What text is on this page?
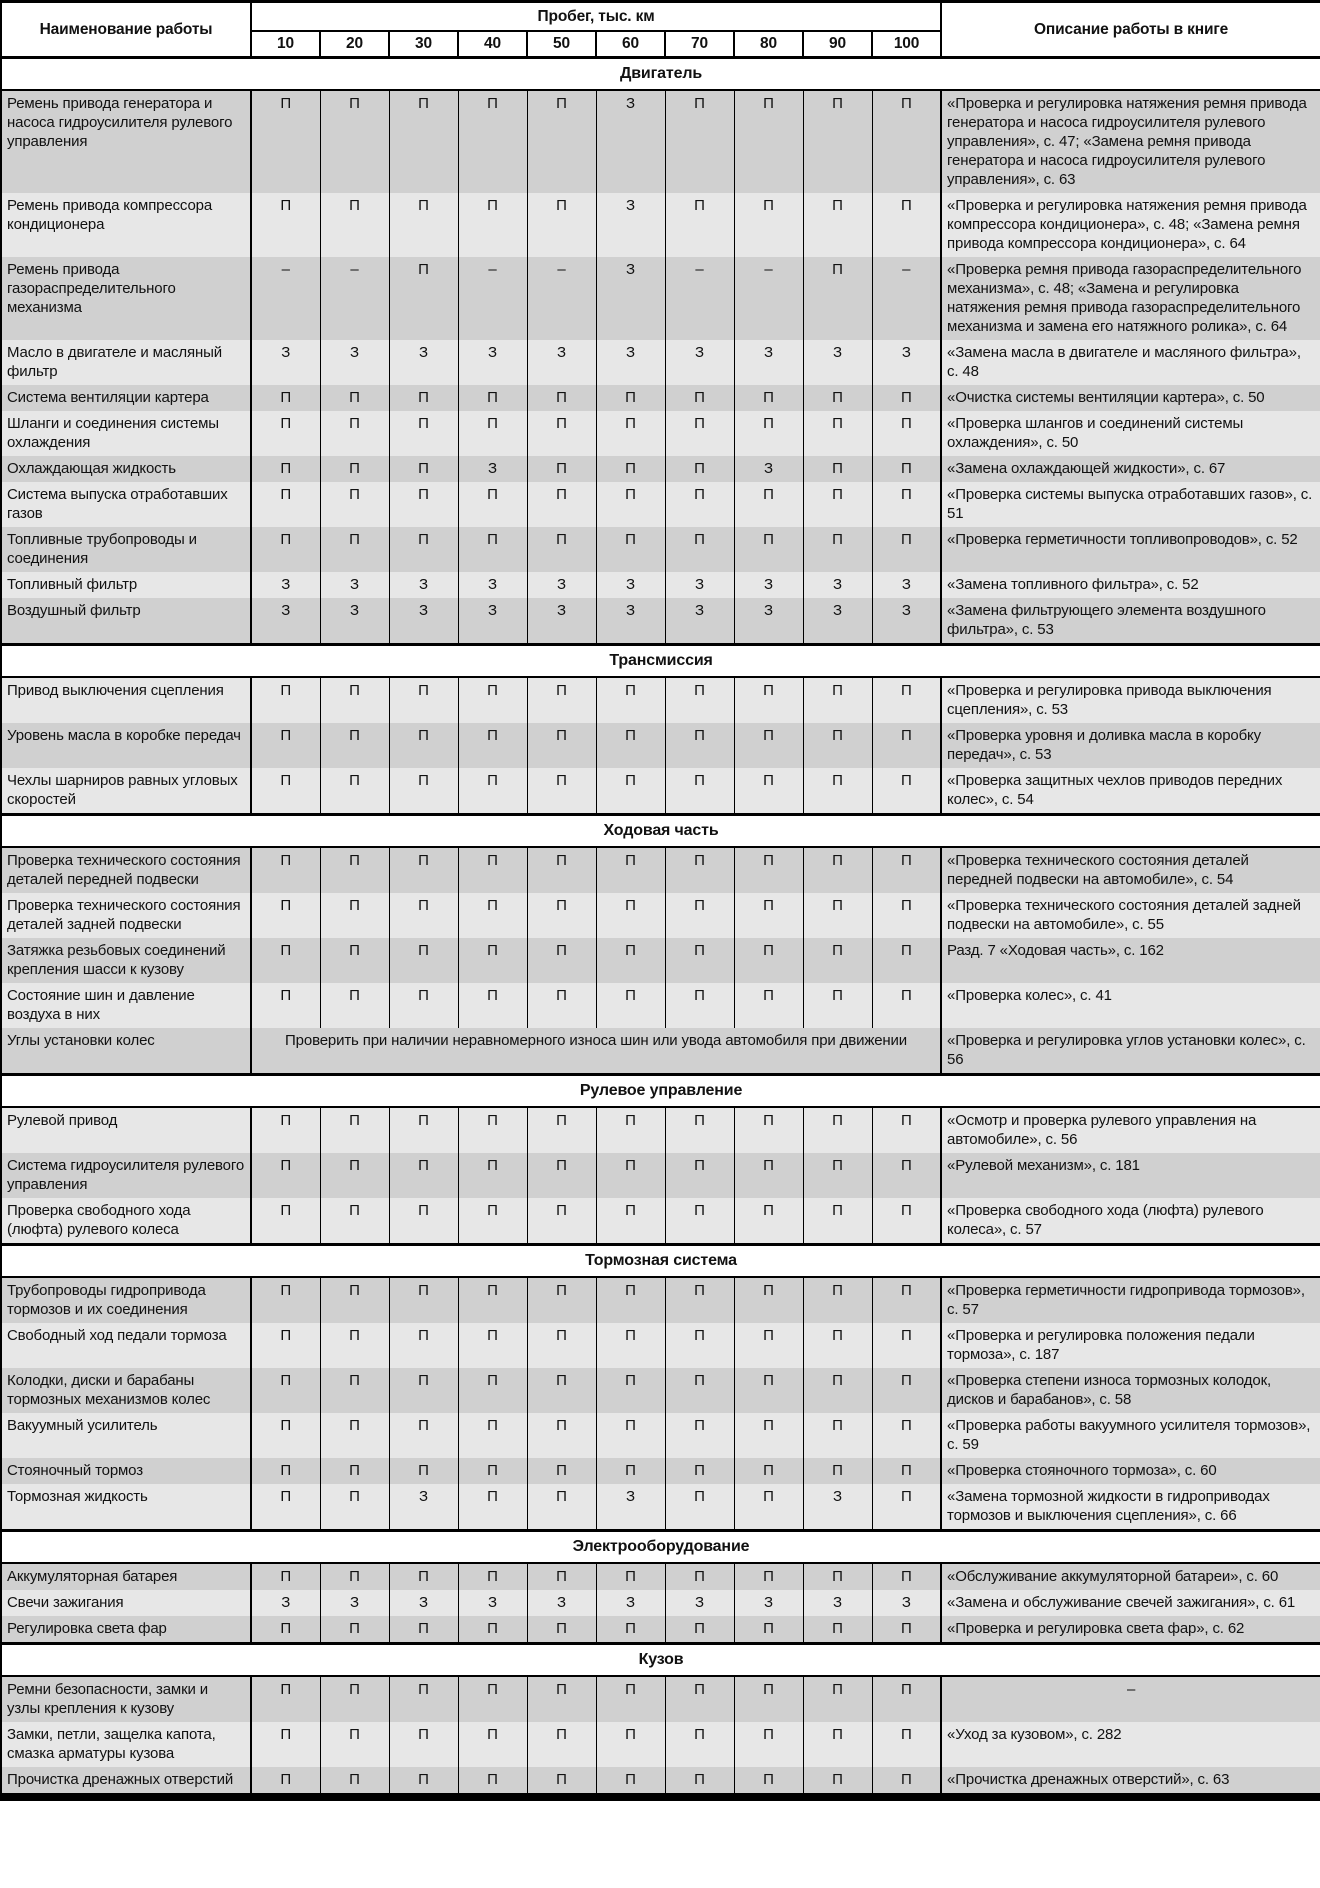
Наименование работы	Пробег, тыс. км										Описание работы в книге
	10	20	30	40	50	60	70	80	90	100	
Двигатель											
Ремень привода генератора и насоса гидроусилителя рулевого управления	П	П	П	П	П	З	П	П	П	П	«Проверка и регулировка натяжения ремня привода генератора и насоса гидроусилителя рулевого управления», с. 47; «Замена ремня привода генератора и насоса гидроусилителя рулевого управления», с. 63
Ремень привода компрессора кондиционера	П	П	П	П	П	З	П	П	П	П	«Проверка и регулировка натяжения ремня привода компрессора кондиционера», с. 48; «Замена ремня привода компрессора кондиционера», с. 64
Ремень привода газораспределительного механизма	–	–	П	–	–	З	–	–	П	–	«Проверка ремня привода газораспределительного механизма», с. 48; «Замена и регулировка натяжения ремня привода газораспределительного механизма и замена его натяжного ролика», с. 64
Масло в двигателе и масляный фильтр	З	З	З	З	З	З	З	З	З	З	«Замена масла в двигателе и масляного фильтра», с. 48
Система вентиляции картера	П	П	П	П	П	П	П	П	П	П	«Очистка системы вентиляции картера», с. 50
Шланги и соединения системы охлаждения	П	П	П	П	П	П	П	П	П	П	«Проверка шлангов и соединений системы охлаждения», с. 50
Охлаждающая жидкость	П	П	П	З	П	П	П	З	П	П	«Замена охлаждающей жидкости», с. 67
Система выпуска отработавших газов	П	П	П	П	П	П	П	П	П	П	«Проверка системы выпуска отработавших газов», с. 51
Топливные трубопроводы и соединения	П	П	П	П	П	П	П	П	П	П	«Проверка герметичности топливопроводов», с. 52
Топливный фильтр	З	З	З	З	З	З	З	З	З	З	«Замена топливного фильтра», с. 52
Воздушный фильтр	З	З	З	З	З	З	З	З	З	З	«Замена фильтрующего элемента воздушного фильтра», с. 53
Трансмиссия											
Привод выключения сцепления	П	П	П	П	П	П	П	П	П	П	«Проверка и регулировка привода выключения сцепления», с. 53
Уровень масла в коробке передач	П	П	П	П	П	П	П	П	П	П	«Проверка уровня и доливка масла в коробку передач», с. 53
Чехлы шарниров равных угловых скоростей	П	П	П	П	П	П	П	П	П	П	«Проверка защитных чехлов приводов передних колес», с. 54
Ходовая часть											
Проверка технического состояния деталей передней подвески	П	П	П	П	П	П	П	П	П	П	«Проверка технического состояния деталей передней подвески на автомобиле», с. 54
Проверка технического состояния деталей задней подвески	П	П	П	П	П	П	П	П	П	П	«Проверка технического состояния деталей задней подвески на автомобиле», с. 55
Затяжка резьбовых соединений крепления шасси к кузову	П	П	П	П	П	П	П	П	П	П	Разд. 7 «Ходовая часть», с. 162
Состояние шин и давление воздуха в них	П	П	П	П	П	П	П	П	П	П	«Проверка колес», с. 41
Углы установки колес	Проверить при наличии неравномерного износа шин или увода автомобиля при движении										«Проверка и регулировка углов установки колес», с. 56
Рулевое управление											
Рулевой привод	П	П	П	П	П	П	П	П	П	П	«Осмотр и проверка рулевого управления на автомобиле», с. 56
Система гидроусилителя рулевого управления	П	П	П	П	П	П	П	П	П	П	«Рулевой механизм», с. 181
Проверка свободного хода (люфта) рулевого колеса	П	П	П	П	П	П	П	П	П	П	«Проверка свободного хода (люфта) рулевого колеса», с. 57
Тормозная система											
Трубопроводы гидропривода тормозов и их соединения	П	П	П	П	П	П	П	П	П	П	«Проверка герметичности гидропривода тормозов», с. 57
Свободный ход педали тормоза	П	П	П	П	П	П	П	П	П	П	«Проверка и регулировка положения педали тормоза», с. 187
Колодки, диски и барабаны тормозных механизмов колес	П	П	П	П	П	П	П	П	П	П	«Проверка степени износа тормозных колодок, дисков и барабанов», с. 58
Вакуумный усилитель	П	П	П	П	П	П	П	П	П	П	«Проверка работы вакуумного усилителя тормозов», с. 59
Стояночный тормоз	П	П	П	П	П	П	П	П	П	П	«Проверка стояночного тормоза», с. 60
Тормозная жидкость	П	П	З	П	П	З	П	П	З	П	«Замена тормозной жидкости в гидроприводах тормозов и выключения сцепления», с. 66
Электрооборудование											
Аккумуляторная батарея	П	П	П	П	П	П	П	П	П	П	«Обслуживание аккумуляторной батареи», с. 60
Свечи зажигания	З	З	З	З	З	З	З	З	З	З	«Замена и обслуживание свечей зажигания», с. 61
Регулировка света фар	П	П	П	П	П	П	П	П	П	П	«Проверка и регулировка света фар», с. 62
Кузов											
Ремни безопасности, замки и узлы крепления к кузову	П	П	П	П	П	П	П	П	П	П	–
Замки, петли, защелка капота, смазка арматуры кузова	П	П	П	П	П	П	П	П	П	П	«Уход за кузовом», с. 282
Прочистка дренажных отверстий	П	П	П	П	П	П	П	П	П	П	«Прочистка дренажных отверстий», с. 63
